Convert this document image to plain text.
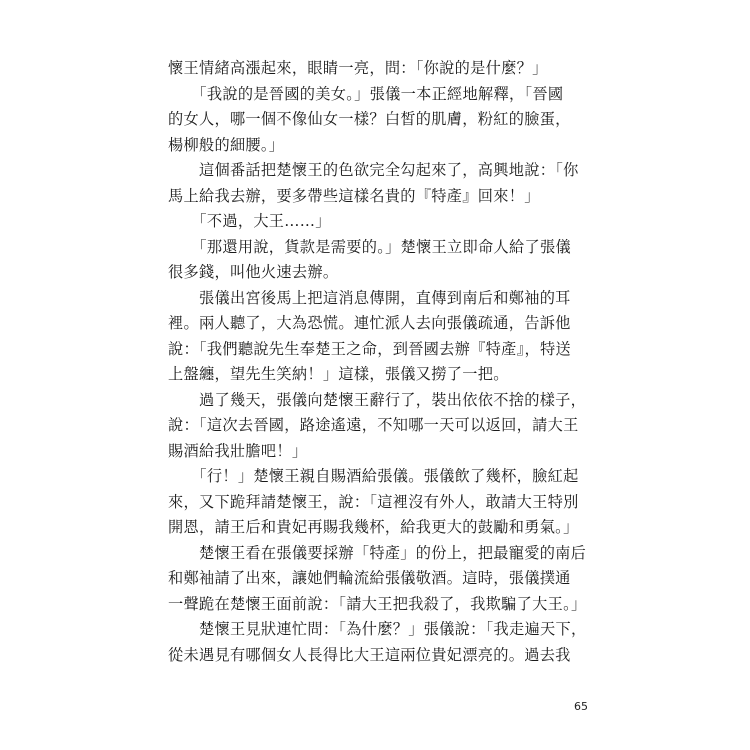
懷王情緒高漲起來，眼睛一亮，問：「你說的是什麼？」
　　「我說的是晉國的美女。」張儀一本正經地解釋，「晉國
的女人，哪一個不像仙女一樣？白皙的肌膚，粉紅的臉蛋，
楊柳般的細腰。」
　　這個番話把楚懷王的色欲完全勾起來了，高興地說：「你
馬上給我去辦，要多帶些這樣名貴的『特產』回來！」
　　「不過，大王……」
　　「那還用說，貨款是需要的。」楚懷王立即命人給了張儀
很多錢，叫他火速去辦。
　　張儀出宮後馬上把這消息傳開，直傳到南后和鄭袖的耳
裡。兩人聽了，大為恐慌。連忙派人去向張儀疏通，告訴他
說：「我們聽說先生奉楚王之命，到晉國去辦『特產』，特送
上盤纏，望先生笑納！」這樣，張儀又撈了一把。
　　過了幾天，張儀向楚懷王辭行了，裝出依依不捨的樣子，
說：「這次去晉國，路途遙遠，不知哪一天可以返回，請大王
賜酒給我壯膽吧！」
　　「行！」楚懷王親自賜酒給張儀。張儀飲了幾杯，臉紅起
來，又下跪拜請楚懷王，說：「這裡沒有外人，敢請大王特別
開恩，請王后和貴妃再賜我幾杯，給我更大的鼓勵和勇氣。」
　　楚懷王看在張儀要採辦「特產」的份上，把最寵愛的南后
和鄭袖請了出來，讓她們輪流給張儀敬酒。這時，張儀撲通
一聲跪在楚懷王面前說：「請大王把我殺了，我欺騙了大王。」
　　楚懷王見狀連忙問：「為什麼？」張儀說：「我走遍天下，
從未遇見有哪個女人長得比大王這兩位貴妃漂亮的。過去我
65
